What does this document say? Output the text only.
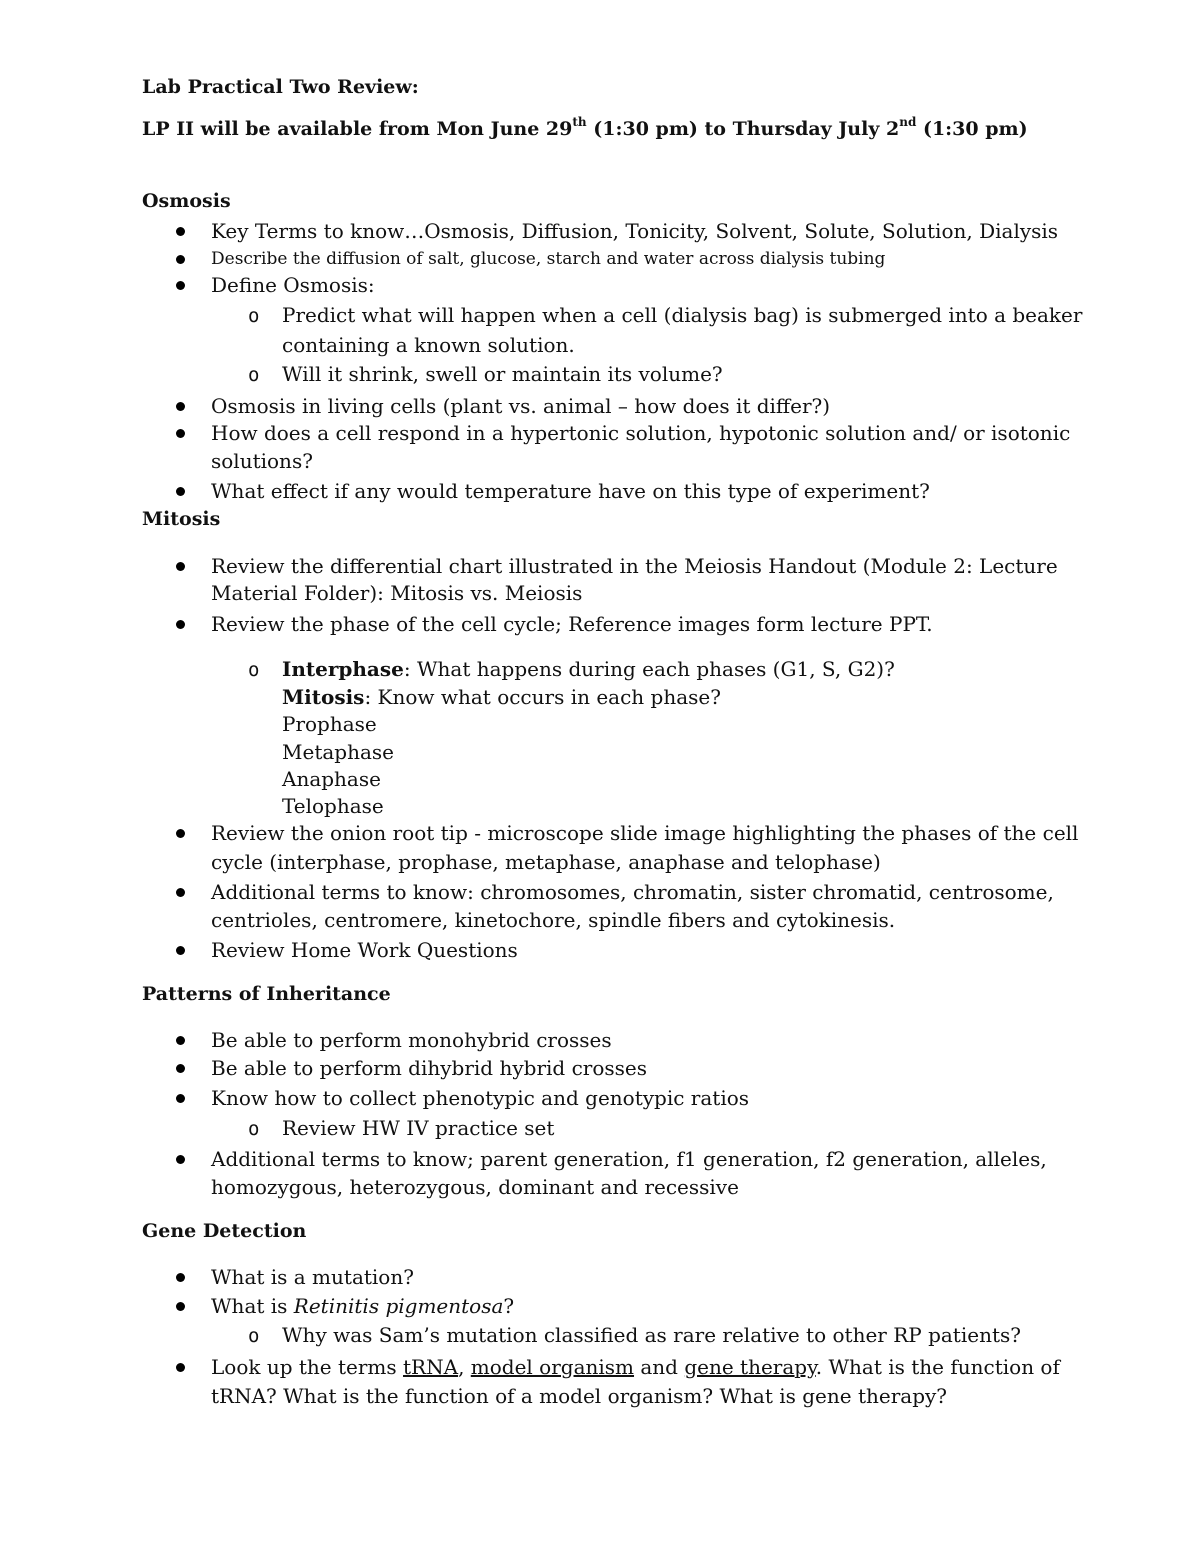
Lab Practical Two Review:
LP II will be available from Mon June 29th (1:30 pm) to Thursday July 2nd (1:30 pm)
Osmosis
Key Terms to know…Osmosis, Diffusion, Tonicity, Solvent, Solute, Solution, Dialysis
Describe the diffusion of salt, glucose, starch and water across dialysis tubing
Define Osmosis:
o Predict what will happen when a cell (dialysis bag) is submerged into a beaker
containing a known solution.
o Will it shrink, swell or maintain its volume?
Osmosis in living cells (plant vs. animal – how does it differ?)
How does a cell respond in a hypertonic solution, hypotonic solution and/ or isotonic
solutions?
What effect if any would temperature have on this type of experiment?
Mitosis
Review the differential chart illustrated in the Meiosis Handout (Module 2: Lecture
Material Folder): Mitosis vs. Meiosis
Review the phase of the cell cycle; Reference images form lecture PPT.
o Interphase: What happens during each phases (G1, S, G2)?
Mitosis: Know what occurs in each phase?
Prophase
Metaphase
Anaphase
Telophase
Review the onion root tip - microscope slide image highlighting the phases of the cell
cycle (interphase, prophase, metaphase, anaphase and telophase)
Additional terms to know: chromosomes, chromatin, sister chromatid, centrosome,
centrioles, centromere, kinetochore, spindle fibers and cytokinesis.
Review Home Work Questions
Patterns of Inheritance
Be able to perform monohybrid crosses
Be able to perform dihybrid hybrid crosses
Know how to collect phenotypic and genotypic ratios
o Review HW IV practice set
Additional terms to know; parent generation, f1 generation, f2 generation, alleles,
homozygous, heterozygous, dominant and recessive
Gene Detection
What is a mutation?
What is Retinitis pigmentosa?
o Why was Sam’s mutation classified as rare relative to other RP patients?
Look up the terms tRNA, model organism and gene therapy. What is the function of
tRNA? What is the function of a model organism? What is gene therapy?
